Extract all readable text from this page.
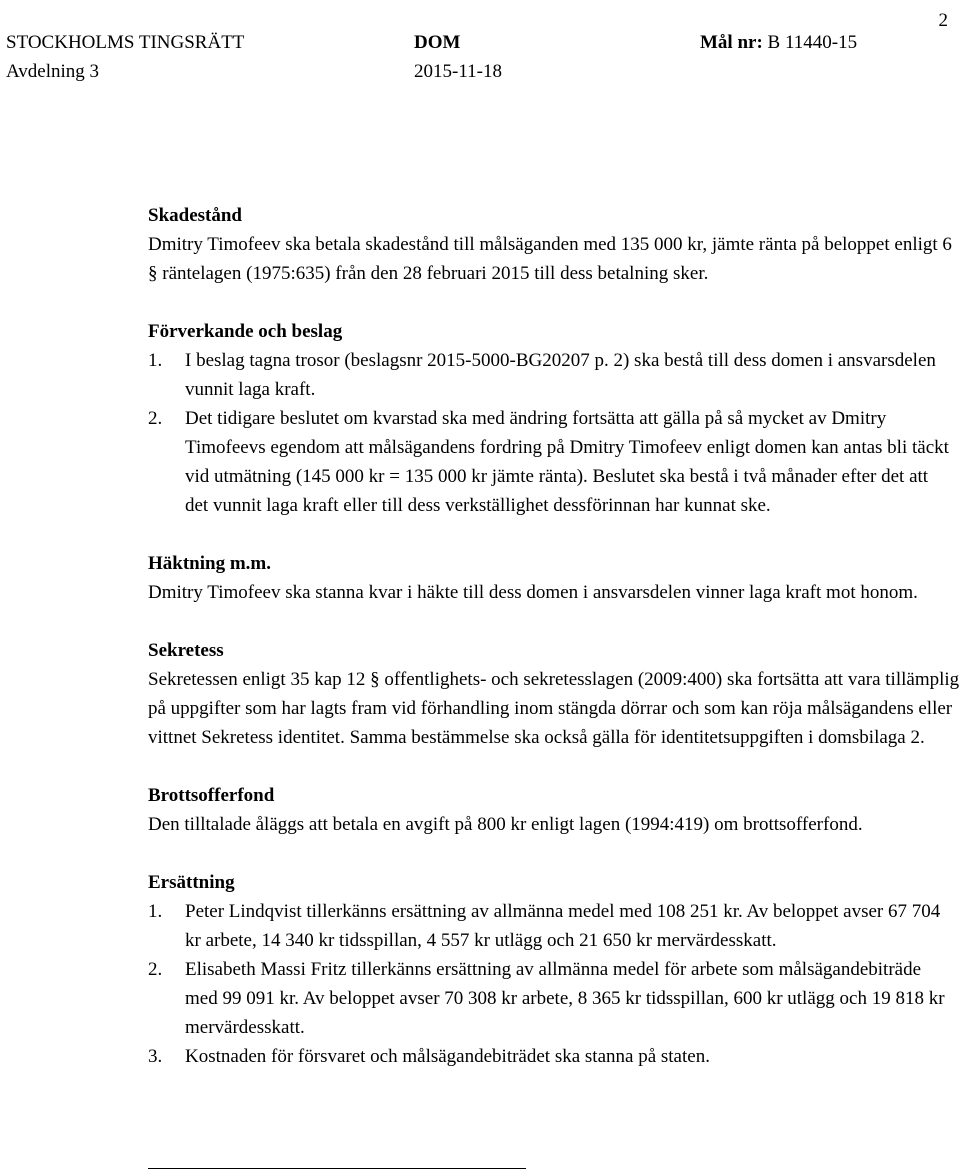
2
STOCKHOLMS TINGSRÄTT	DOM	Mål nr: B 11440-15
Avdelning 3	2015-11-18
Skadestånd
Dmitry Timofeev ska betala skadestånd till målsäganden med 135 000 kr, jämte ränta på beloppet enligt 6 § räntelagen (1975:635) från den 28 februari 2015 till dess betalning sker.
Förverkande och beslag
1.	I beslag tagna trosor (beslagsnr 2015-5000-BG20207 p. 2) ska bestå till dess domen i ansvarsdelen vunnit laga kraft.
2.	Det tidigare beslutet om kvarstad ska med ändring fortsätta att gälla på så mycket av Dmitry Timofeevs egendom att målsägandens fordring på Dmitry Timofeev enligt domen kan antas bli täckt vid utmätning (145 000 kr = 135 000 kr jämte ränta). Beslutet ska bestå i två månader efter det att det vunnit laga kraft eller till dess verkställighet dessförinnan har kunnat ske.
Häktning m.m.
Dmitry Timofeev ska stanna kvar i häkte till dess domen i ansvarsdelen vinner laga kraft mot honom.
Sekretess
Sekretessen enligt 35 kap 12 § offentlighets- och sekretesslagen (2009:400) ska fortsätta att vara tillämplig på uppgifter som har lagts fram vid förhandling inom stängda dörrar och som kan röja målsägandens eller vittnet Sekretess identitet. Samma bestämmelse ska också gälla för identitetsuppgiften i domsbilaga 2.
Brottsofferfond
Den tilltalade åläggs att betala en avgift på 800 kr enligt lagen (1994:419) om brottsofferfond.
Ersättning
1.	Peter Lindqvist tillerkänns ersättning av allmänna medel med 108 251 kr. Av beloppet avser 67 704 kr arbete, 14 340 kr tidsspillan, 4 557 kr utlägg och 21 650 kr mervärdesskatt.
2.	Elisabeth Massi Fritz tillerkänns ersättning av allmänna medel för arbete som målsägandebiträde med 99 091 kr. Av beloppet avser 70 308 kr arbete, 8 365 kr tidsspillan, 600 kr utlägg och 19 818 kr mervärdesskatt.
3.	Kostnaden för försvaret och målsägandebiträdet ska stanna på staten.
